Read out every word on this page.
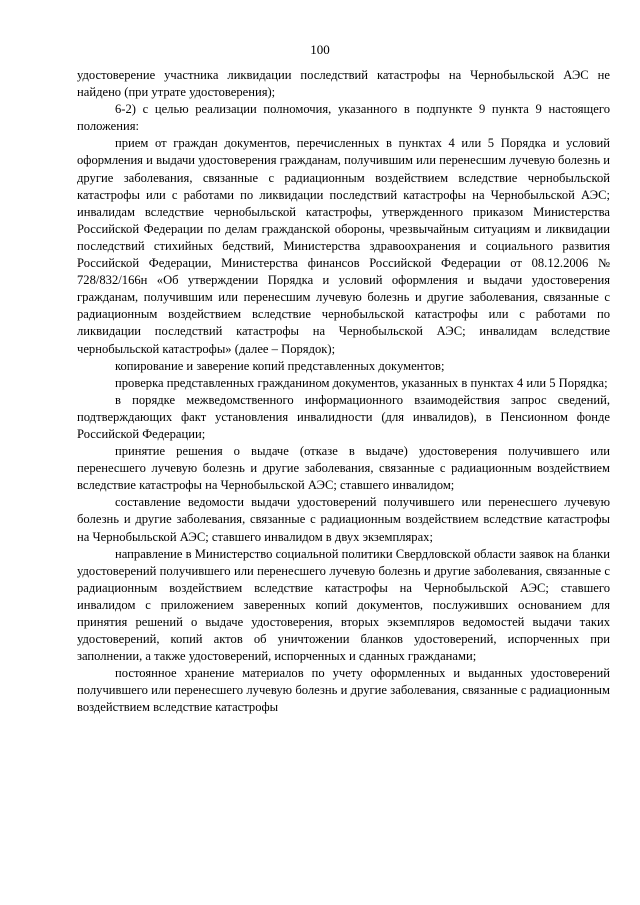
100

удостоверение участника ликвидации последствий катастрофы на Чернобыльской АЭС не найдено (при утрате удостоверения);

6-2) с целью реализации полномочия, указанного в подпункте 9 пункта 9 настоящего положения:

прием от граждан документов, перечисленных в пунктах 4 или 5 Порядка и условий оформления и выдачи удостоверения гражданам, получившим или перенесшим лучевую болезнь и другие заболевания, связанные с радиационным воздействием вследствие чернобыльской катастрофы или с работами по ликвидации последствий катастрофы на Чернобыльской АЭС; инвалидам вследствие чернобыльской катастрофы, утвержденного приказом Министерства Российской Федерации по делам гражданской обороны, чрезвычайным ситуациям и ликвидации последствий стихийных бедствий, Министерства здравоохранения и социального развития Российской Федерации, Министерства финансов Российской Федерации от 08.12.2006 № 728/832/166н «Об утверждении Порядка и условий оформления и выдачи удостоверения гражданам, получившим или перенесшим лучевую болезнь и другие заболевания, связанные с радиационным воздействием вследствие чернобыльской катастрофы или с работами по ликвидации последствий катастрофы на Чернобыльской АЭС; инвалидам вследствие чернобыльской катастрофы» (далее – Порядок);

копирование и заверение копий представленных документов;

проверка представленных гражданином документов, указанных в пунктах 4 или 5 Порядка;

в порядке межведомственного информационного взаимодействия запрос сведений, подтверждающих факт установления инвалидности (для инвалидов), в Пенсионном фонде Российской Федерации;

принятие решения о выдаче (отказе в выдаче) удостоверения получившего или перенесшего лучевую болезнь и другие заболевания, связанные с радиационным воздействием вследствие катастрофы на Чернобыльской АЭС; ставшего инвалидом;

составление ведомости выдачи удостоверений получившего или перенесшего лучевую болезнь и другие заболевания, связанные с радиационным воздействием вследствие катастрофы на Чернобыльской АЭС; ставшего инвалидом в двух экземплярах;

направление в Министерство социальной политики Свердловской области заявок на бланки удостоверений получившего или перенесшего лучевую болезнь и другие заболевания, связанные с радиационным воздействием вследствие катастрофы на Чернобыльской АЭС; ставшего инвалидом с приложением заверенных копий документов, послуживших основанием для принятия решений о выдаче удостоверения, вторых экземпляров ведомостей выдачи таких удостоверений, копий актов об уничтожении бланков удостоверений, испорченных при заполнении, а также удостоверений, испорченных и сданных гражданами;

постоянное хранение материалов по учету оформленных и выданных удостоверений получившего или перенесшего лучевую болезнь и другие заболевания, связанные с радиационным воздействием вследствие катастрофы
